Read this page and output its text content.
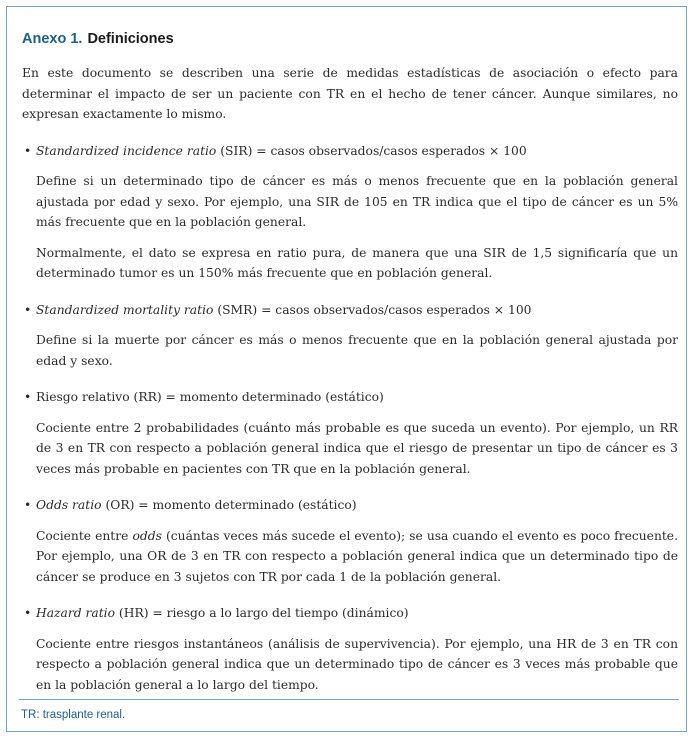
Anexo 1. Definiciones

En este documento se describen una serie de medidas estadísticas de asociación o efecto para determinar el impacto de ser un paciente con TR en el hecho de tener cáncer. Aunque similares, no expresan exactamente lo mismo.

• Standardized incidence ratio (SIR) = casos observados/casos esperados × 100

Define si un determinado tipo de cáncer es más o menos frecuente que en la población general ajustada por edad y sexo. Por ejemplo, una SIR de 105 en TR indica que el tipo de cáncer es un 5% más frecuente que en la población general.

Normalmente, el dato se expresa en ratio pura, de manera que una SIR de 1,5 significaría que un determinado tumor es un 150% más frecuente que en población general.

• Standardized mortality ratio (SMR) = casos observados/casos esperados × 100

Define si la muerte por cáncer es más o menos frecuente que en la población general ajustada por edad y sexo.

• Riesgo relativo (RR) = momento determinado (estático)

Cociente entre 2 probabilidades (cuánto más probable es que suceda un evento). Por ejemplo, un RR de 3 en TR con respecto a población general indica que el riesgo de presentar un tipo de cáncer es 3 veces más probable en pacientes con TR que en la población general.

• Odds ratio (OR) = momento determinado (estático)

Cociente entre odds (cuántas veces más sucede el evento); se usa cuando el evento es poco frecuente. Por ejemplo, una OR de 3 en TR con respecto a población general indica que un determinado tipo de cáncer se produce en 3 sujetos con TR por cada 1 de la población general.

• Hazard ratio (HR) = riesgo a lo largo del tiempo (dinámico)

Cociente entre riesgos instantáneos (análisis de supervivencia). Por ejemplo, una HR de 3 en TR con respecto a población general indica que un determinado tipo de cáncer es 3 veces más probable que en la población general a lo largo del tiempo.

TR: trasplante renal.
